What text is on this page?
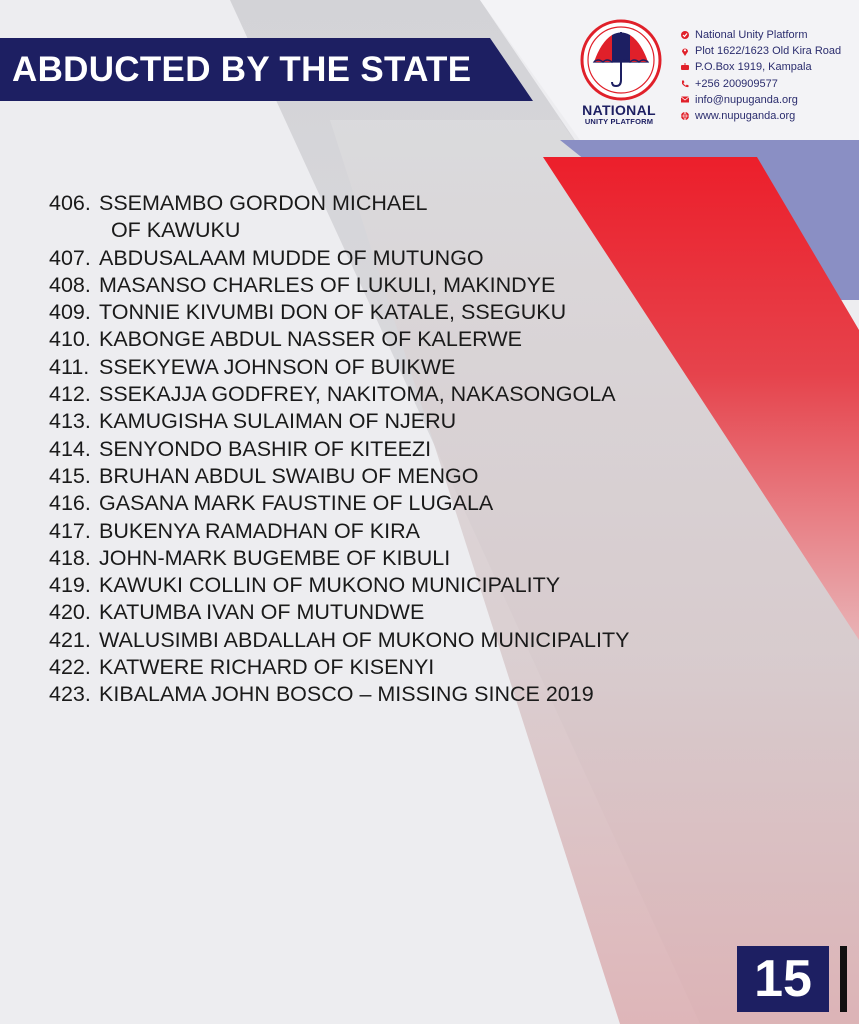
ABDUCTED BY THE STATE
NATIONAL
UNITY PLATFORM
National Unity Platform
Plot 1622/1623 Old Kira Road
P.O.Box 1919, Kampala
+256 200909577
info@nupuganda.org
www.nupuganda.org
406. SSEMAMBO GORDON MICHAEL
OF KAWUKU
407. ABDUSALAAM MUDDE OF MUTUNGO
408. MASANSO CHARLES OF LUKULI, MAKINDYE
409. TONNIE KIVUMBI DON OF KATALE, SSEGUKU
410. KABONGE ABDUL NASSER OF KALERWE
411. SSEKYEWA JOHNSON OF BUIKWE
412. SSEKAJJA GODFREY, NAKITOMA, NAKASONGOLA
413. KAMUGISHA SULAIMAN OF NJERU
414. SENYONDO BASHIR OF KITEEZI
415. BRUHAN ABDUL SWAIBU OF MENGO
416. GASANA MARK FAUSTINE OF LUGALA
417. BUKENYA RAMADHAN OF KIRA
418. JOHN-MARK BUGEMBE OF KIBULI
419. KAWUKI COLLIN OF MUKONO MUNICIPALITY
420. KATUMBA IVAN OF MUTUNDWE
421. WALUSIMBI ABDALLAH OF MUKONO MUNICIPALITY
422. KATWERE RICHARD OF KISENYI
423. KIBALAMA JOHN BOSCO – MISSING SINCE 2019
15
